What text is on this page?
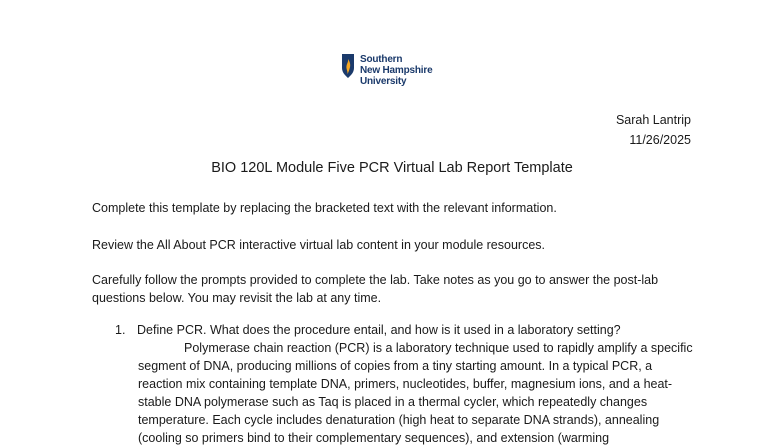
Southern
New Hampshire
University
Sarah Lantrip
11/26/2025
BIO 120L Module Five PCR Virtual Lab Report Template
Complete this template by replacing the bracketed text with the relevant information.
Review the All About PCR interactive virtual lab content in your module resources.
Carefully follow the prompts provided to complete the lab. Take notes as you go to answer the post-lab questions below. You may revisit the lab at any time.
1. Define PCR. What does the procedure entail, and how is it used in a laboratory setting?
Polymerase chain reaction (PCR) is a laboratory technique used to rapidly amplify a specific segment of DNA, producing millions of copies from a tiny starting amount. In a typical PCR, a reaction mix containing template DNA, primers, nucleotides, buffer, magnesium ions, and a heat-stable DNA polymerase such as Taq is placed in a thermal cycler, which repeatedly changes temperature. Each cycle includes denaturation (high heat to separate DNA strands), annealing (cooling so primers bind to their complementary sequences), and extension (warming
